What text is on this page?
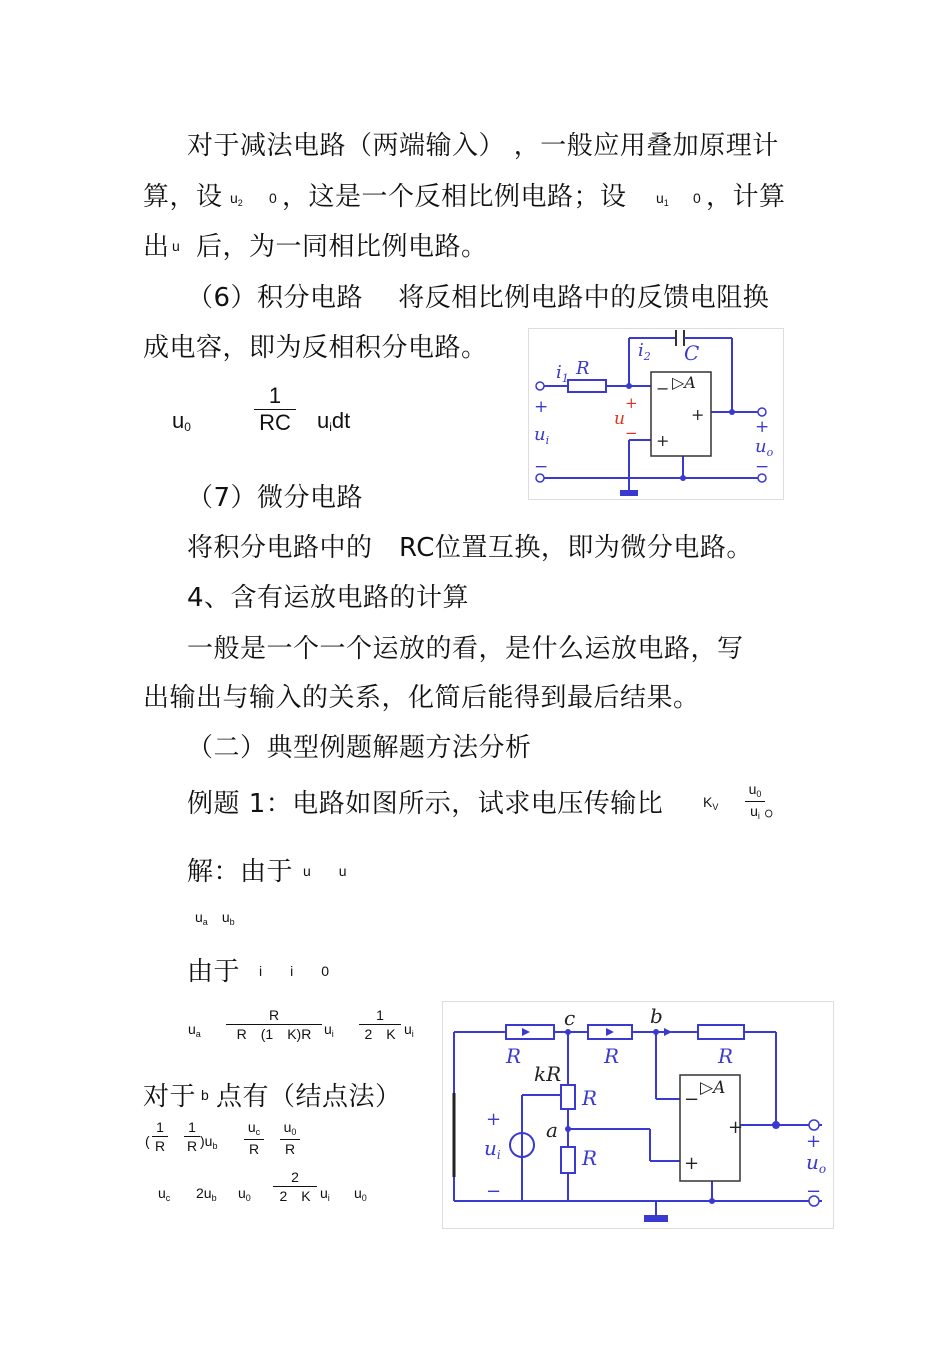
对于减法电路（两端输入） ，一般应用叠加原理计
算，设 $u_2$ 0 ，这是一个反相比例电路；设 $u_1$ 0 ，计算
出 u 后，为一同相比例电路。
（6）积分电路　 将反相比例电路中的反馈电阻换
成电容，即为反相积分电路。
$u_0$
1
RC $u_idt$
$i_1$ R
$i_2$ C
▷A
−
+
+
+
u
−
+
$u_i$
−
+
$u_o$
−
（7）微分电路
将积分电路中的　RC位置互换，即为微分电路。
4、含有运放电路的计算
一般是一个一个运放的看，是什么运放电路，写
出输出与输入的关系，化简后能得到最后结果。
（二）典型例题解题方法分析
例题 1：电路如图所示，试求电压传输比	$K_V$
$u_0$
$u_i$ 。
解：由于 u　　u
$u_a$　 $u_b$
由于 i　　i　　0
$u_a$
R
R　(1　K)R $u_i$
1
2　K $u_i$
对于 b 点有（结点法）
(
1
R
1
R )$u_b$
$u_c$
R
$u_0$
R
$u_c$ $2u_b$ $u_0$
2
2　K $u_i$ $u_0$
c	b
R	R	R
kR
R
a
R
▷A
−
+
+
+
$u_i$
−
+
$u_o$
−
